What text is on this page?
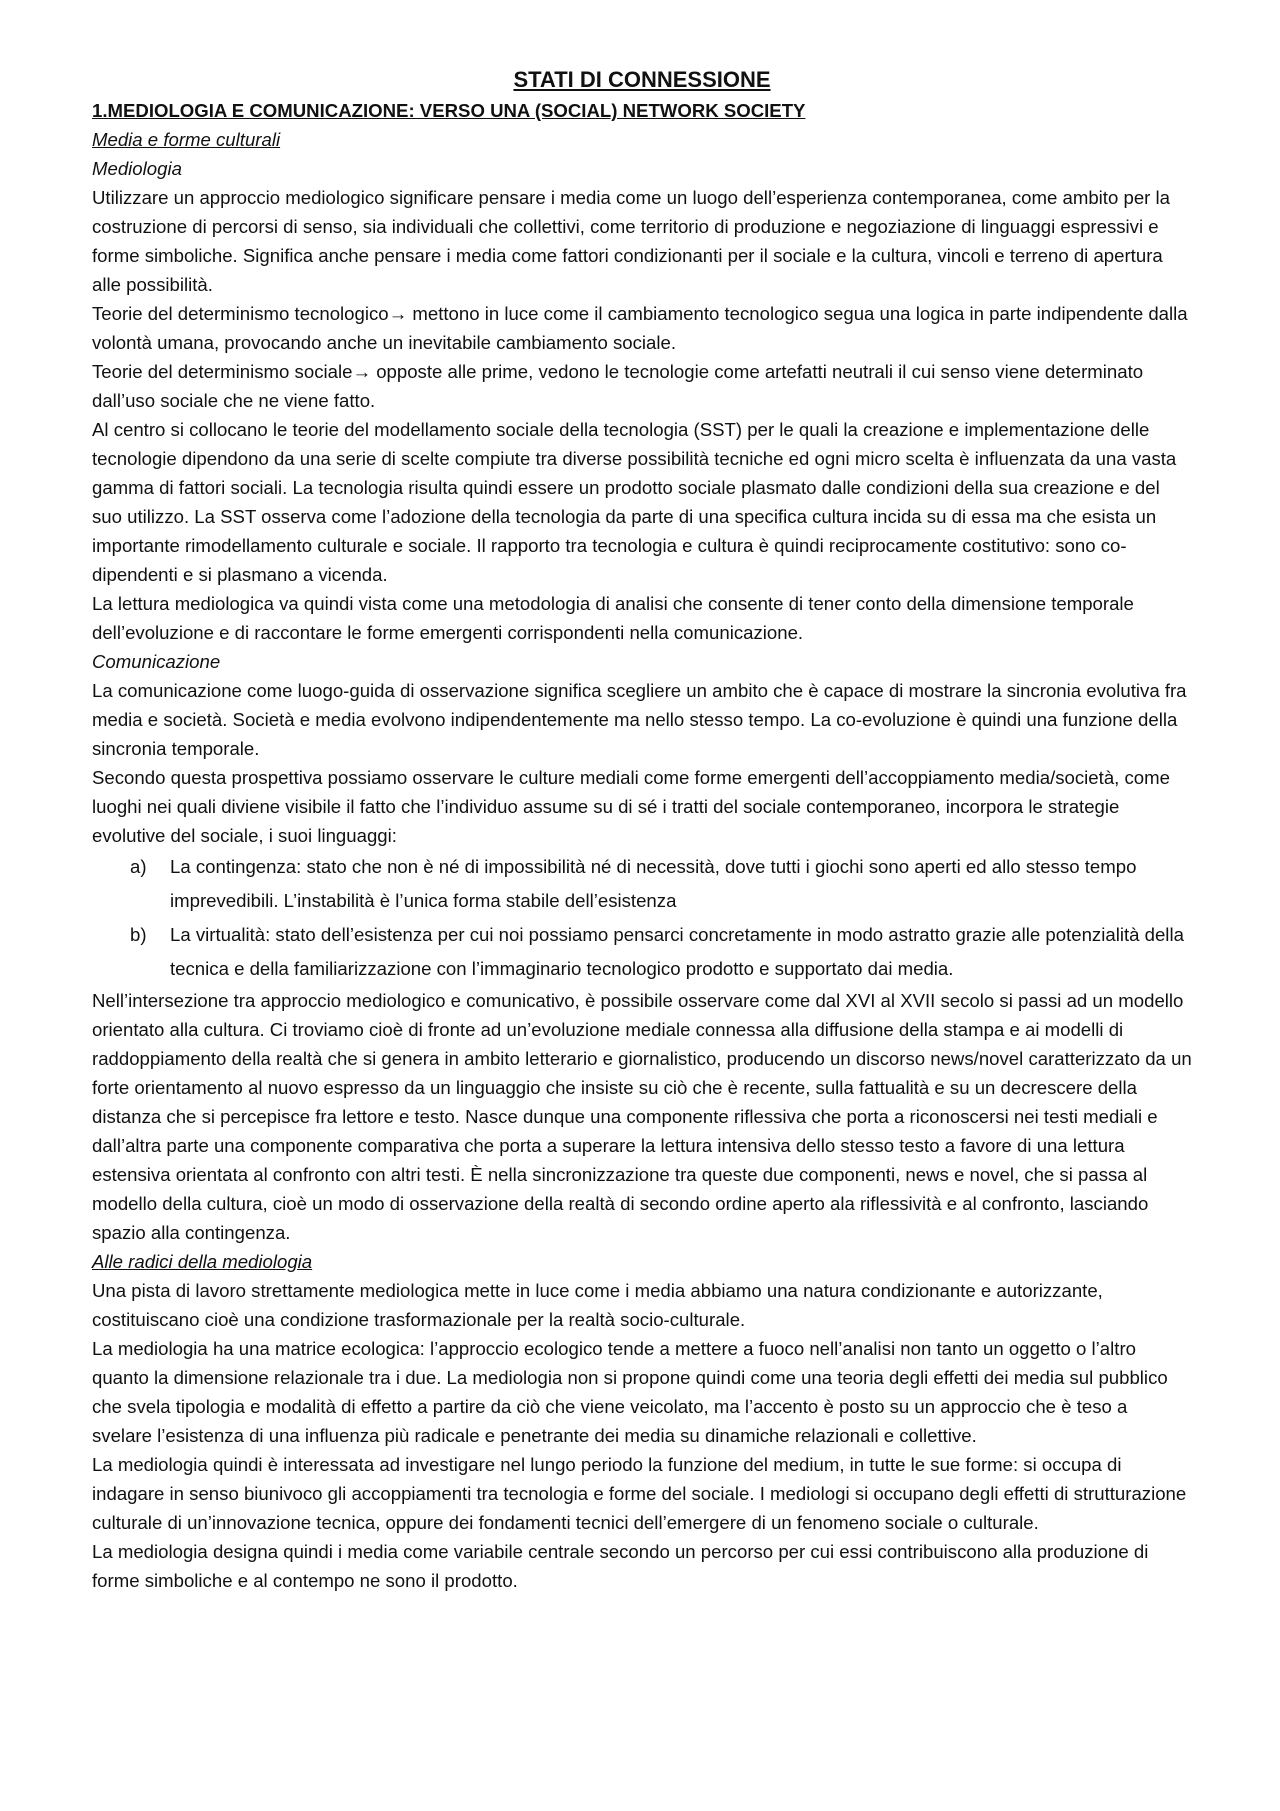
STATI DI CONNESSIONE

1.MEDIOLOGIA E COMUNICAZIONE: VERSO UNA (SOCIAL) NETWORK SOCIETY

Media e forme culturali

Mediologia

Utilizzare un approccio mediologico significare pensare i media come un luogo dell’esperienza contemporanea, come ambito per la costruzione di percorsi di senso, sia individuali che collettivi, come territorio di produzione e negoziazione di linguaggi espressivi e forme simboliche. Significa anche pensare i media come fattori condizionanti per il sociale e la cultura, vincoli e terreno di apertura alle possibilità.

Teorie del determinismo tecnologico→ mettono in luce come il cambiamento tecnologico segua una logica in parte indipendente dalla volontà umana, provocando anche un inevitabile cambiamento sociale.

Teorie del determinismo sociale→ opposte alle prime, vedono le tecnologie come artefatti neutrali il cui senso viene determinato dall’uso sociale che ne viene fatto.

Al centro si collocano le teorie del modellamento sociale della tecnologia (SST) per le quali la creazione e implementazione delle tecnologie dipendono da una serie di scelte compiute tra diverse possibilità tecniche ed ogni micro scelta è influenzata da una vasta gamma di fattori sociali. La tecnologia risulta quindi essere un prodotto sociale plasmato dalle condizioni della sua creazione e del suo utilizzo. La SST osserva come l’adozione della tecnologia da parte di una specifica cultura incida su di essa ma che esista un importante rimodellamento culturale e sociale. Il rapporto tra tecnologia e cultura è quindi reciprocamente costitutivo: sono co-dipendenti e si plasmano a vicenda.

La lettura mediologica va quindi vista come una metodologia di analisi che consente di tener conto della dimensione temporale dell’evoluzione e di raccontare le forme emergenti corrispondenti nella comunicazione.

Comunicazione

La comunicazione come luogo-guida di osservazione significa scegliere un ambito che è capace di mostrare la sincronia evolutiva fra media e società. Società e media evolvono indipendentemente ma nello stesso tempo. La co-evoluzione è quindi una funzione della sincronia temporale.

Secondo questa prospettiva possiamo osservare le culture mediali come forme emergenti dell’accoppiamento media/società, come luoghi nei quali diviene visibile il fatto che l’individuo assume su di sé i tratti del sociale contemporaneo, incorpora le strategie evolutive del sociale, i suoi linguaggi:

a) La contingenza: stato che non è né di impossibilità né di necessità, dove tutti i giochi sono aperti ed allo stesso tempo imprevedibili. L’instabilità è l’unica forma stabile dell’esistenza
b) La virtualità: stato dell’esistenza per cui noi possiamo pensarci concretamente in modo astratto grazie alle potenzialità della tecnica e della familiarizzazione con l’immaginario tecnologico prodotto e supportato dai media.

Nell’intersezione tra approccio mediologico e comunicativo, è possibile osservare come dal XVI al XVII secolo si passi ad un modello orientato alla cultura. Ci troviamo cioè di fronte ad un’evoluzione mediale connessa alla diffusione della stampa e ai modelli di raddoppiamento della realtà che si genera in ambito letterario e giornalistico, producendo un discorso news/novel caratterizzato da un forte orientamento al nuovo espresso da un linguaggio che insiste su ciò che è recente, sulla fattualità e su un decrescere della distanza che si percepisce fra lettore e testo. Nasce dunque una componente riflessiva che porta a riconoscersi nei testi mediali e dall’altra parte una componente comparativa che porta a superare la lettura intensiva dello stesso testo a favore di una lettura estensiva orientata al confronto con altri testi. È nella sincronizzazione tra queste due componenti, news e novel, che si passa al modello della cultura, cioè un modo di osservazione della realtà di secondo ordine aperto ala riflessività e al confronto, lasciando spazio alla contingenza.

Alle radici della mediologia

Una pista di lavoro strettamente mediologica mette in luce come i media abbiamo una natura condizionante e autorizzante, costituiscano cioè una condizione trasformazionale per la realtà socio-culturale.

La mediologia ha una matrice ecologica: l’approccio ecologico tende a mettere a fuoco nell’analisi non tanto un oggetto o l’altro quanto la dimensione relazionale tra i due. La mediologia non si propone quindi come una teoria degli effetti dei media sul pubblico che svela tipologia e modalità di effetto a partire da ciò che viene veicolato, ma l’accento è posto su un approccio che è teso a svelare l’esistenza di una influenza più radicale e penetrante dei media su dinamiche relazionali e collettive.

La mediologia quindi è interessata ad investigare nel lungo periodo la funzione del medium, in tutte le sue forme: si occupa di indagare in senso biunivoco gli accoppiamenti tra tecnologia e forme del sociale. I mediologi si occupano degli effetti di strutturazione culturale di un’innovazione tecnica, oppure dei fondamenti tecnici dell’emergere di un fenomeno sociale o culturale.

La mediologia designa quindi i media come variabile centrale secondo un percorso per cui essi contribuiscono alla produzione di forme simboliche e al contempo ne sono il prodotto.
